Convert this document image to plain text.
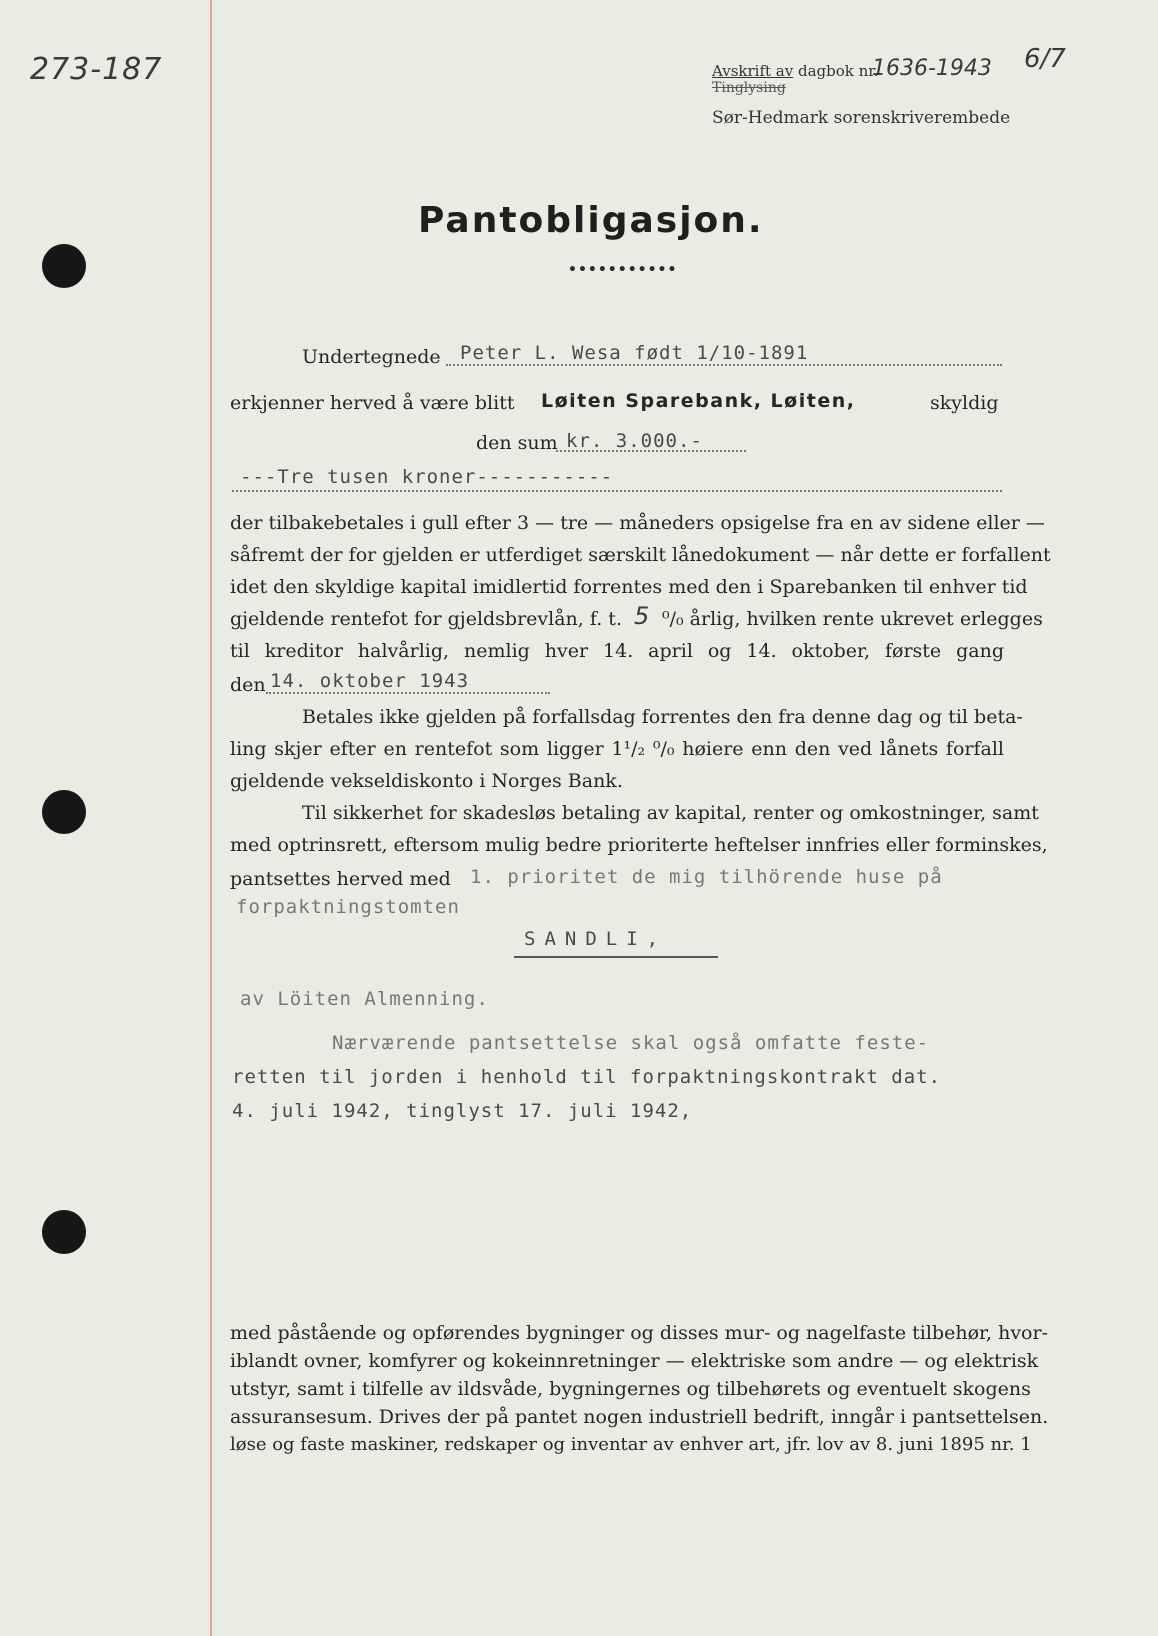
273-187	Avskrift av dagbok nr.
1636-1943 6/7
Tinglysing
Sør-Hedmark sorenskriverembede
Pantobligasjon.
•••••••••••
Undertegnede Peter L. Wesa født 1/10-1891
erkjenner herved å være blitt Løiten Sparebank, Løiten,	skyldig
den sum kr. 3.000.-
---Tre tusen kroner-----------
der tilbakebetales i gull efter 3 — tre — måneders opsigelse fra en av sidene eller —
såfremt der for gjelden er utferdiget særskilt lånedokument — når dette er forfallent
idet den skyldige kapital imidlertid forrentes med den i Sparebanken til enhver tid
gjeldende rentefot for gjeldsbrevlån, f. t. 5 ⁰/₀ årlig, hvilken rente ukrevet erlegges
til kreditor halvårlig, nemlig hver 14. april og 14. oktober, første gang
den 14. oktober 1943
Betales ikke gjelden på forfallsdag forrentes den fra denne dag og til beta-
ling skjer efter en rentefot som ligger 1¹/₂ ⁰/₀ høiere enn den ved lånets forfall
gjeldende vekseldiskonto i Norges Bank.
Til sikkerhet for skadesløs betaling av kapital, renter og omkostninger, samt
med optrinsrett, eftersom mulig bedre prioriterte heftelser innfries eller forminskes,
pantsettes herved med 1. prioritet de mig tilhörende huse på
forpaktningstomten
SANDLI,
av Löiten Almenning.
Nærværende pantsettelse skal også omfatte feste-
retten til jorden i henhold til forpaktningskontrakt dat.
4. juli 1942, tinglyst 17. juli 1942,
med påstående og opførendes bygninger og disses mur- og nagelfaste tilbehør, hvor-
iblandt ovner, komfyrer og kokeinnretninger — elektriske som andre — og elektrisk
utstyr, samt i tilfelle av ildsvåde, bygningernes og tilbehørets og eventuelt skogens
assuransesum. Drives der på pantet nogen industriell bedrift, inngår i pantsettelsen.
løse og faste maskiner, redskaper og inventar av enhver art, jfr. lov av 8. juni 1895 nr. 1
